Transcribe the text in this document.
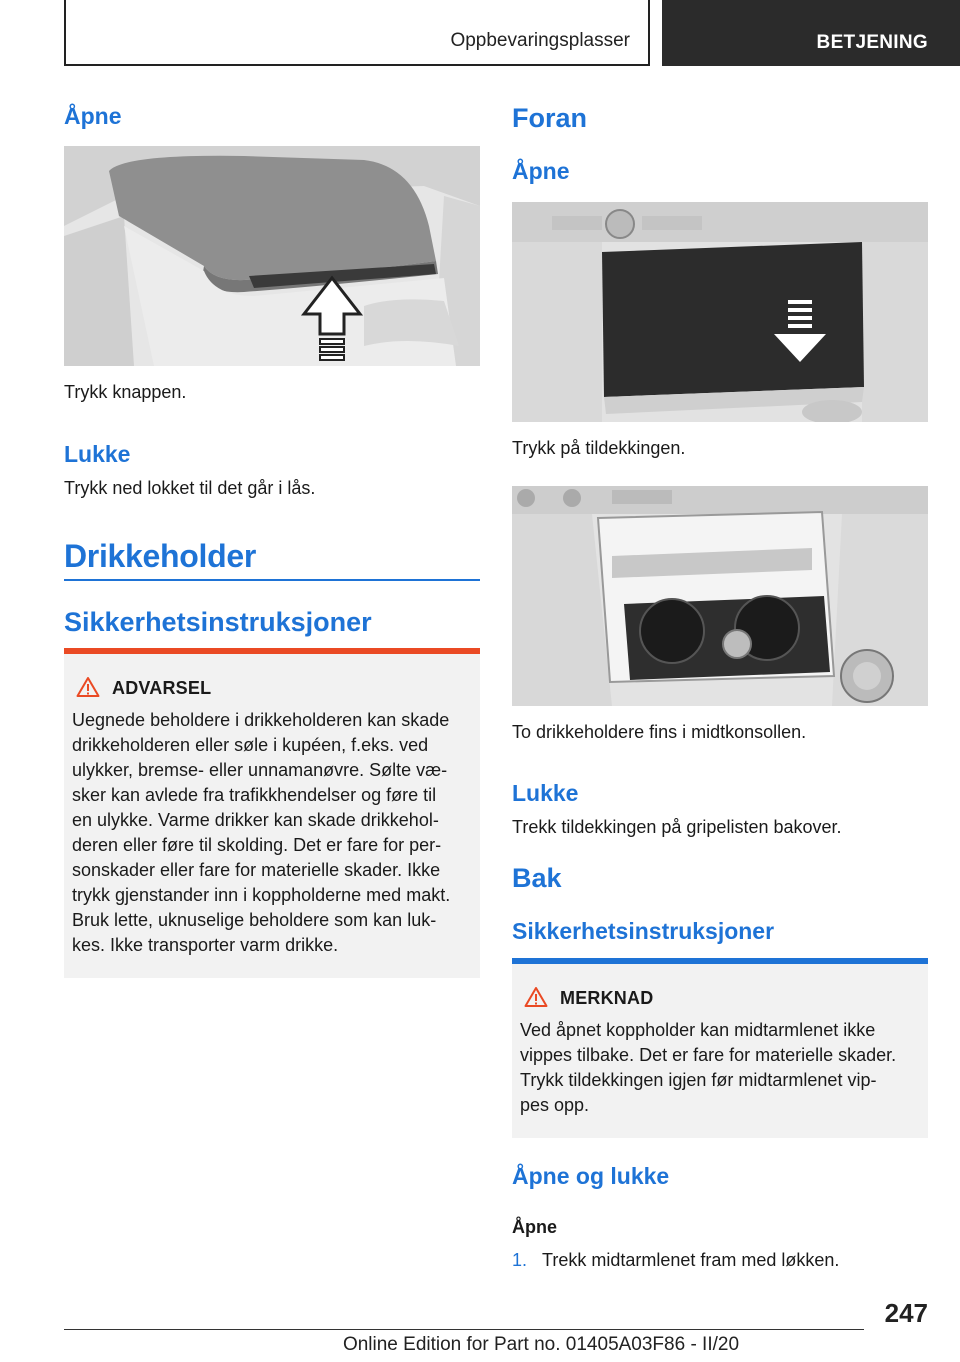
Oppbevaringsplasser	BETJENING
Åpne
Trykk knappen.
Lukke
Trykk ned lokket til det går i lås.
Drikkeholder
Sikkerhetsinstruksjoner
ADVARSEL
Uegnede beholdere i drikkeholderen kan skade
drikkeholderen eller søle i kupéen, f.eks. ved
ulykker, bremse- eller unnamanøvre. Sølte væ-
sker kan avlede fra trafikkhendelser og føre til
en ulykke. Varme drikker kan skade drikkehol-
deren eller føre til skolding. Det er fare for per-
sonskader eller fare for materielle skader. Ikke
trykk gjenstander inn i koppholderne med makt.
Bruk lette, uknuselige beholdere som kan luk-
kes. Ikke transporter varm drikke.
Foran
Åpne
Trykk på tildekkingen.
To drikkeholdere fins i midtkonsollen.
Lukke
Trekk tildekkingen på gripelisten bakover.
Bak
Sikkerhetsinstruksjoner
MERKNAD
Ved åpnet koppholder kan midtarmlenet ikke
vippes tilbake. Det er fare for materielle skader.
Trykk tildekkingen igjen før midtarmlenet vip-
pes opp.
Åpne og lukke
Åpne
1. Trekk midtarmlenet fram med løkken.
247
Online Edition for Part no. 01405A03F86 - II/20
